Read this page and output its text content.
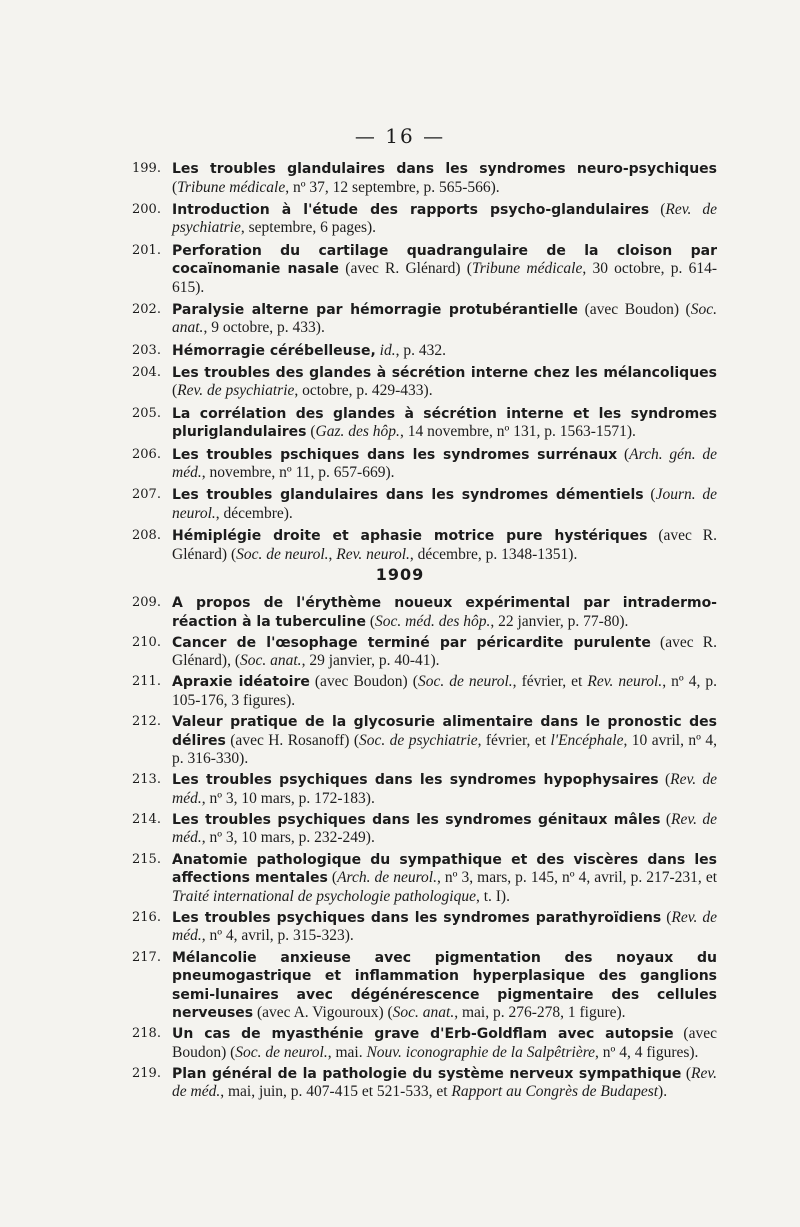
— 16 —
199. Les troubles glandulaires dans les syndromes neuro-psychiques (Tribune médicale, nº 37, 12 septembre, p. 565-566).
200. Introduction à l'étude des rapports psycho-glandulaires (Rev. de psychiatrie, septembre, 6 pages).
201. Perforation du cartilage quadrangulaire de la cloison par cocaïnomanie nasale (avec R. Glénard) (Tribune médicale, 30 octobre, p. 614-615).
202. Paralysie alterne par hémorragie protubérantielle (avec Boudon) (Soc. anat., 9 octobre, p. 433).
203. Hémorragie cérébelleuse, id., p. 432.
204. Les troubles des glandes à sécrétion interne chez les mélancoliques (Rev. de psychiatrie, octobre, p. 429-433).
205. La corrélation des glandes à sécrétion interne et les syndromes pluriglandulaires (Gaz. des hôp., 14 novembre, nº 131, p. 1563-1571).
206. Les troubles pschiques dans les syndromes surrénaux (Arch. gén. de méd., novembre, nº 11, p. 657-669).
207. Les troubles glandulaires dans les syndromes démentiels (Journ. de neurol., décembre).
208. Hémiplégie droite et aphasie motrice pure hystériques (avec R. Glénard) (Soc. de neurol., Rev. neurol., décembre, p. 1348-1351).
1909
209. A propos de l'érythème noueux expérimental par intradermo-réaction à la tuberculine (Soc. méd. des hôp., 22 janvier, p. 77-80).
210. Cancer de l'œsophage terminé par péricardite purulente (avec R. Glénard), (Soc. anat., 29 janvier, p. 40-41).
211. Apraxie idéatoire (avec Boudon) (Soc. de neurol., février, et Rev. neurol., nº 4, p. 105-176, 3 figures).
212. Valeur pratique de la glycosurie alimentaire dans le pronostic des délires (avec H. Rosanoff) (Soc. de psychiatrie, février, et l'Encéphale, 10 avril, nº 4, p. 316-330).
213. Les troubles psychiques dans les syndromes hypophysaires (Rev. de méd., nº 3, 10 mars, p. 172-183).
214. Les troubles psychiques dans les syndromes génitaux mâles (Rev. de méd., nº 3, 10 mars, p. 232-249).
215. Anatomie pathologique du sympathique et des viscères dans les affections mentales (Arch. de neurol., nº 3, mars, p. 145, nº 4, avril, p. 217-231, et Traité international de psychologie pathologique, t. I).
216. Les troubles psychiques dans les syndromes parathyroïdiens (Rev. de méd., nº 4, avril, p. 315-323).
217. Mélancolie anxieuse avec pigmentation des noyaux du pneumogastrique et inflammation hyperplasique des ganglions semi-lunaires avec dégénérescence pigmentaire des cellules nerveuses (avec A. Vigouroux) (Soc. anat., mai, p. 276-278, 1 figure).
218. Un cas de myasthénie grave d'Erb-Goldflam avec autopsie (avec Boudon) (Soc. de neurol., mai. Nouv. iconographie de la Salpêtrière, nº 4, 4 figures).
219. Plan général de la pathologie du système nerveux sympathique (Rev. de méd., mai, juin, p. 407-415 et 521-533, et Rapport au Congrès de Budapest).
